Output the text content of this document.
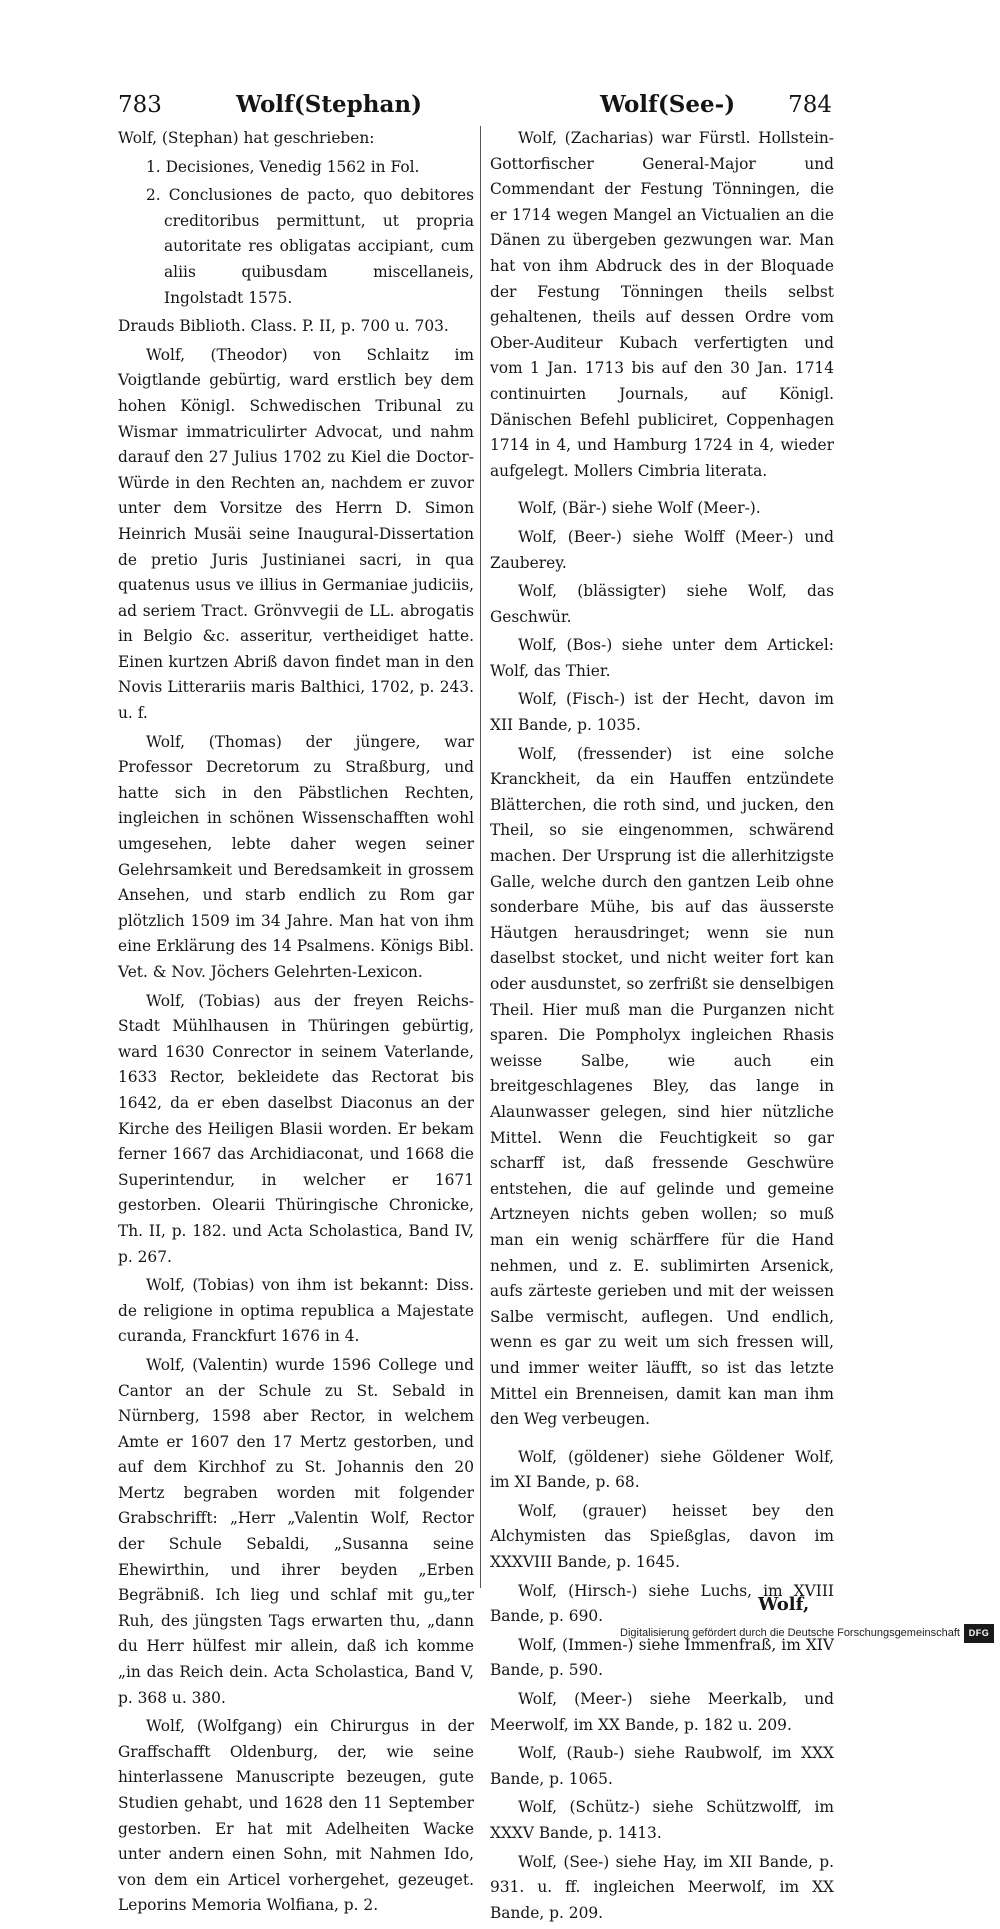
783	Wolf(Stephan)	Wolf(See-) 784

Wolf, (Stephan) hat geschrieben:

1. Decisiones, Venedig 1562 in Fol.

2. Conclusiones de pacto, quo debitores creditoribus permittunt, ut propria autoritate res obligatas accipiant, cum aliis quibusdam miscellaneis, Ingolstadt 1575.

Drauds Biblioth. Class. P. II, p. 700 u. 703.

Wolf, (Theodor) von Schlaitz im Voigtlande gebürtig, ward erstlich bey dem hohen Königl. Schwedischen Tribunal zu Wismar immatriculirter Advocat, und nahm darauf den 27 Julius 1702 zu Kiel die Doctor-Würde in den Rechten an, nachdem er zuvor unter dem Vorsitze des Herrn D. Simon Heinrich Musäi seine Inaugural-Dissertation de pretio Juris Justinianei sacri, in qua quatenus usus ve illius in Germaniae judiciis, ad seriem Tract. Grönvvegii de LL. abrogatis in Belgio &c. asseritur, vertheidiget hatte. Einen kurtzen Abriß davon findet man in den Novis Litterariis maris Balthici, 1702, p. 243. u. f.

Wolf, (Thomas) der jüngere, war Professor Decretorum zu Straßburg, und hatte sich in den Päbstlichen Rechten, ingleichen in schönen Wissenschafften wohl umgesehen, lebte daher wegen seiner Gelehrsamkeit und Beredsamkeit in grossem Ansehen, und starb endlich zu Rom gar plötzlich 1509 im 34 Jahre. Man hat von ihm eine Erklärung des 14 Psalmens. Königs Bibl. Vet. & Nov. Jöchers Gelehrten-Lexicon.

Wolf, (Tobias) aus der freyen Reichs-Stadt Mühlhausen in Thüringen gebürtig, ward 1630 Conrector in seinem Vaterlande, 1633 Rector, bekleidete das Rectorat bis 1642, da er eben daselbst Diaconus an der Kirche des Heiligen Blasii worden. Er bekam ferner 1667 das Archidiaconat, und 1668 die Superintendur, in welcher er 1671 gestorben. Olearii Thüringische Chronicke, Th. II, p. 182. und Acta Scholastica, Band IV, p. 267.

Wolf, (Tobias) von ihm ist bekannt: Diss. de religione in optima republica a Majestate curanda, Franckfurt 1676 in 4.

Wolf, (Valentin) wurde 1596 College und Cantor an der Schule zu St. Sebald in Nürnberg, 1598 aber Rector, in welchem Amte er 1607 den 17 Mertz gestorben, und auf dem Kirchhof zu St. Johannis den 20 Mertz begraben worden mit folgender Grabschrifft: „Herr „Valentin Wolf, Rector der Schule Sebaldi, „Susanna seine Ehewirthin, und ihrer beyden „Erben Begräbniß. Ich lieg und schlaf mit gu„ter Ruh, des jüngsten Tags erwarten thu, „dann du Herr hülfest mir allein, daß ich komme „in das Reich dein. Acta Scholastica, Band V, p. 368 u. 380.

Wolf, (Wolfgang) ein Chirurgus in der Graffschafft Oldenburg, der, wie seine hinterlassene Manuscripte bezeugen, gute Studien gehabt, und 1628 den 11 September gestorben. Er hat mit Adelheiten Wacke unter andern einen Sohn, mit Nahmen Ido, von dem ein Articel vorhergehet, gezeuget. Leporins Memoria Wolfiana, p. 2.

Wolf, (Zacharias) war Fürstl. Hollstein-Gottorfischer General-Major und Commendant der Festung Tönningen, die er 1714 wegen Mangel an Victualien an die Dänen zu übergeben gezwungen war. Man hat von ihm Abdruck des in der Bloquade der Festung Tönningen theils selbst gehaltenen, theils auf dessen Ordre vom Ober-Auditeur Kubach verfertigten und vom 1 Jan. 1713 bis auf den 30 Jan. 1714 continuirten Journals, auf Königl. Dänischen Befehl publiciret, Coppenhagen 1714 in 4, und Hamburg 1724 in 4, wieder aufgelegt. Mollers Cimbria literata.

Wolf, (Bär-) siehe Wolf (Meer-).

Wolf, (Beer-) siehe Wolff (Meer-) und Zauberey.

Wolf, (blässigter) siehe Wolf, das Geschwür.

Wolf, (Bos-) siehe unter dem Artickel: Wolf, das Thier.

Wolf, (Fisch-) ist der Hecht, davon im XII Bande, p. 1035.

Wolf, (fressender) ist eine solche Kranckheit, da ein Hauffen entzündete Blätterchen, die roth sind, und jucken, den Theil, so sie eingenommen, schwärend machen. Der Ursprung ist die allerhitzigste Galle, welche durch den gantzen Leib ohne sonderbare Mühe, bis auf das äusserste Häutgen herausdringet; wenn sie nun daselbst stocket, und nicht weiter fort kan oder ausdunstet, so zerfrißt sie denselbigen Theil. Hier muß man die Purganzen nicht sparen. Die Pompholyx ingleichen Rhasis weisse Salbe, wie auch ein breitgeschlagenes Bley, das lange in Alaunwasser gelegen, sind hier nützliche Mittel. Wenn die Feuchtigkeit so gar scharff ist, daß fressende Geschwüre entstehen, die auf gelinde und gemeine Artzneyen nichts geben wollen; so muß man ein wenig schärffere für die Hand nehmen, und z. E. sublimirten Arsenick, aufs zärteste gerieben und mit der weissen Salbe vermischt, auflegen. Und endlich, wenn es gar zu weit um sich fressen will, und immer weiter läufft, so ist das letzte Mittel ein Brenneisen, damit kan man ihm den Weg verbeugen.

Wolf, (göldener) siehe Göldener Wolf, im XI Bande, p. 68.

Wolf, (grauer) heisset bey den Alchymisten das Spießglas, davon im XXXVIII Bande, p. 1645.

Wolf, (Hirsch-) siehe Luchs, im XVIII Bande, p. 690.

Wolf, (Immen-) siehe Immenfraß, im XIV Bande, p. 590.

Wolf, (Meer-) siehe Meerkalb, und Meerwolf, im XX Bande, p. 182 u. 209.

Wolf, (Raub-) siehe Raubwolf, im XXX Bande, p. 1065.

Wolf, (Schütz-) siehe Schützwolff, im XXXV Bande, p. 1413.

Wolf, (See-) siehe Hay, im XII Bande, p. 931. u. ff. ingleichen Meerwolf, im XX Bande, p. 209.

Wolf,
Digitalisierung gefördert durch die Deutsche Forschungsgemeinschaft DFG
